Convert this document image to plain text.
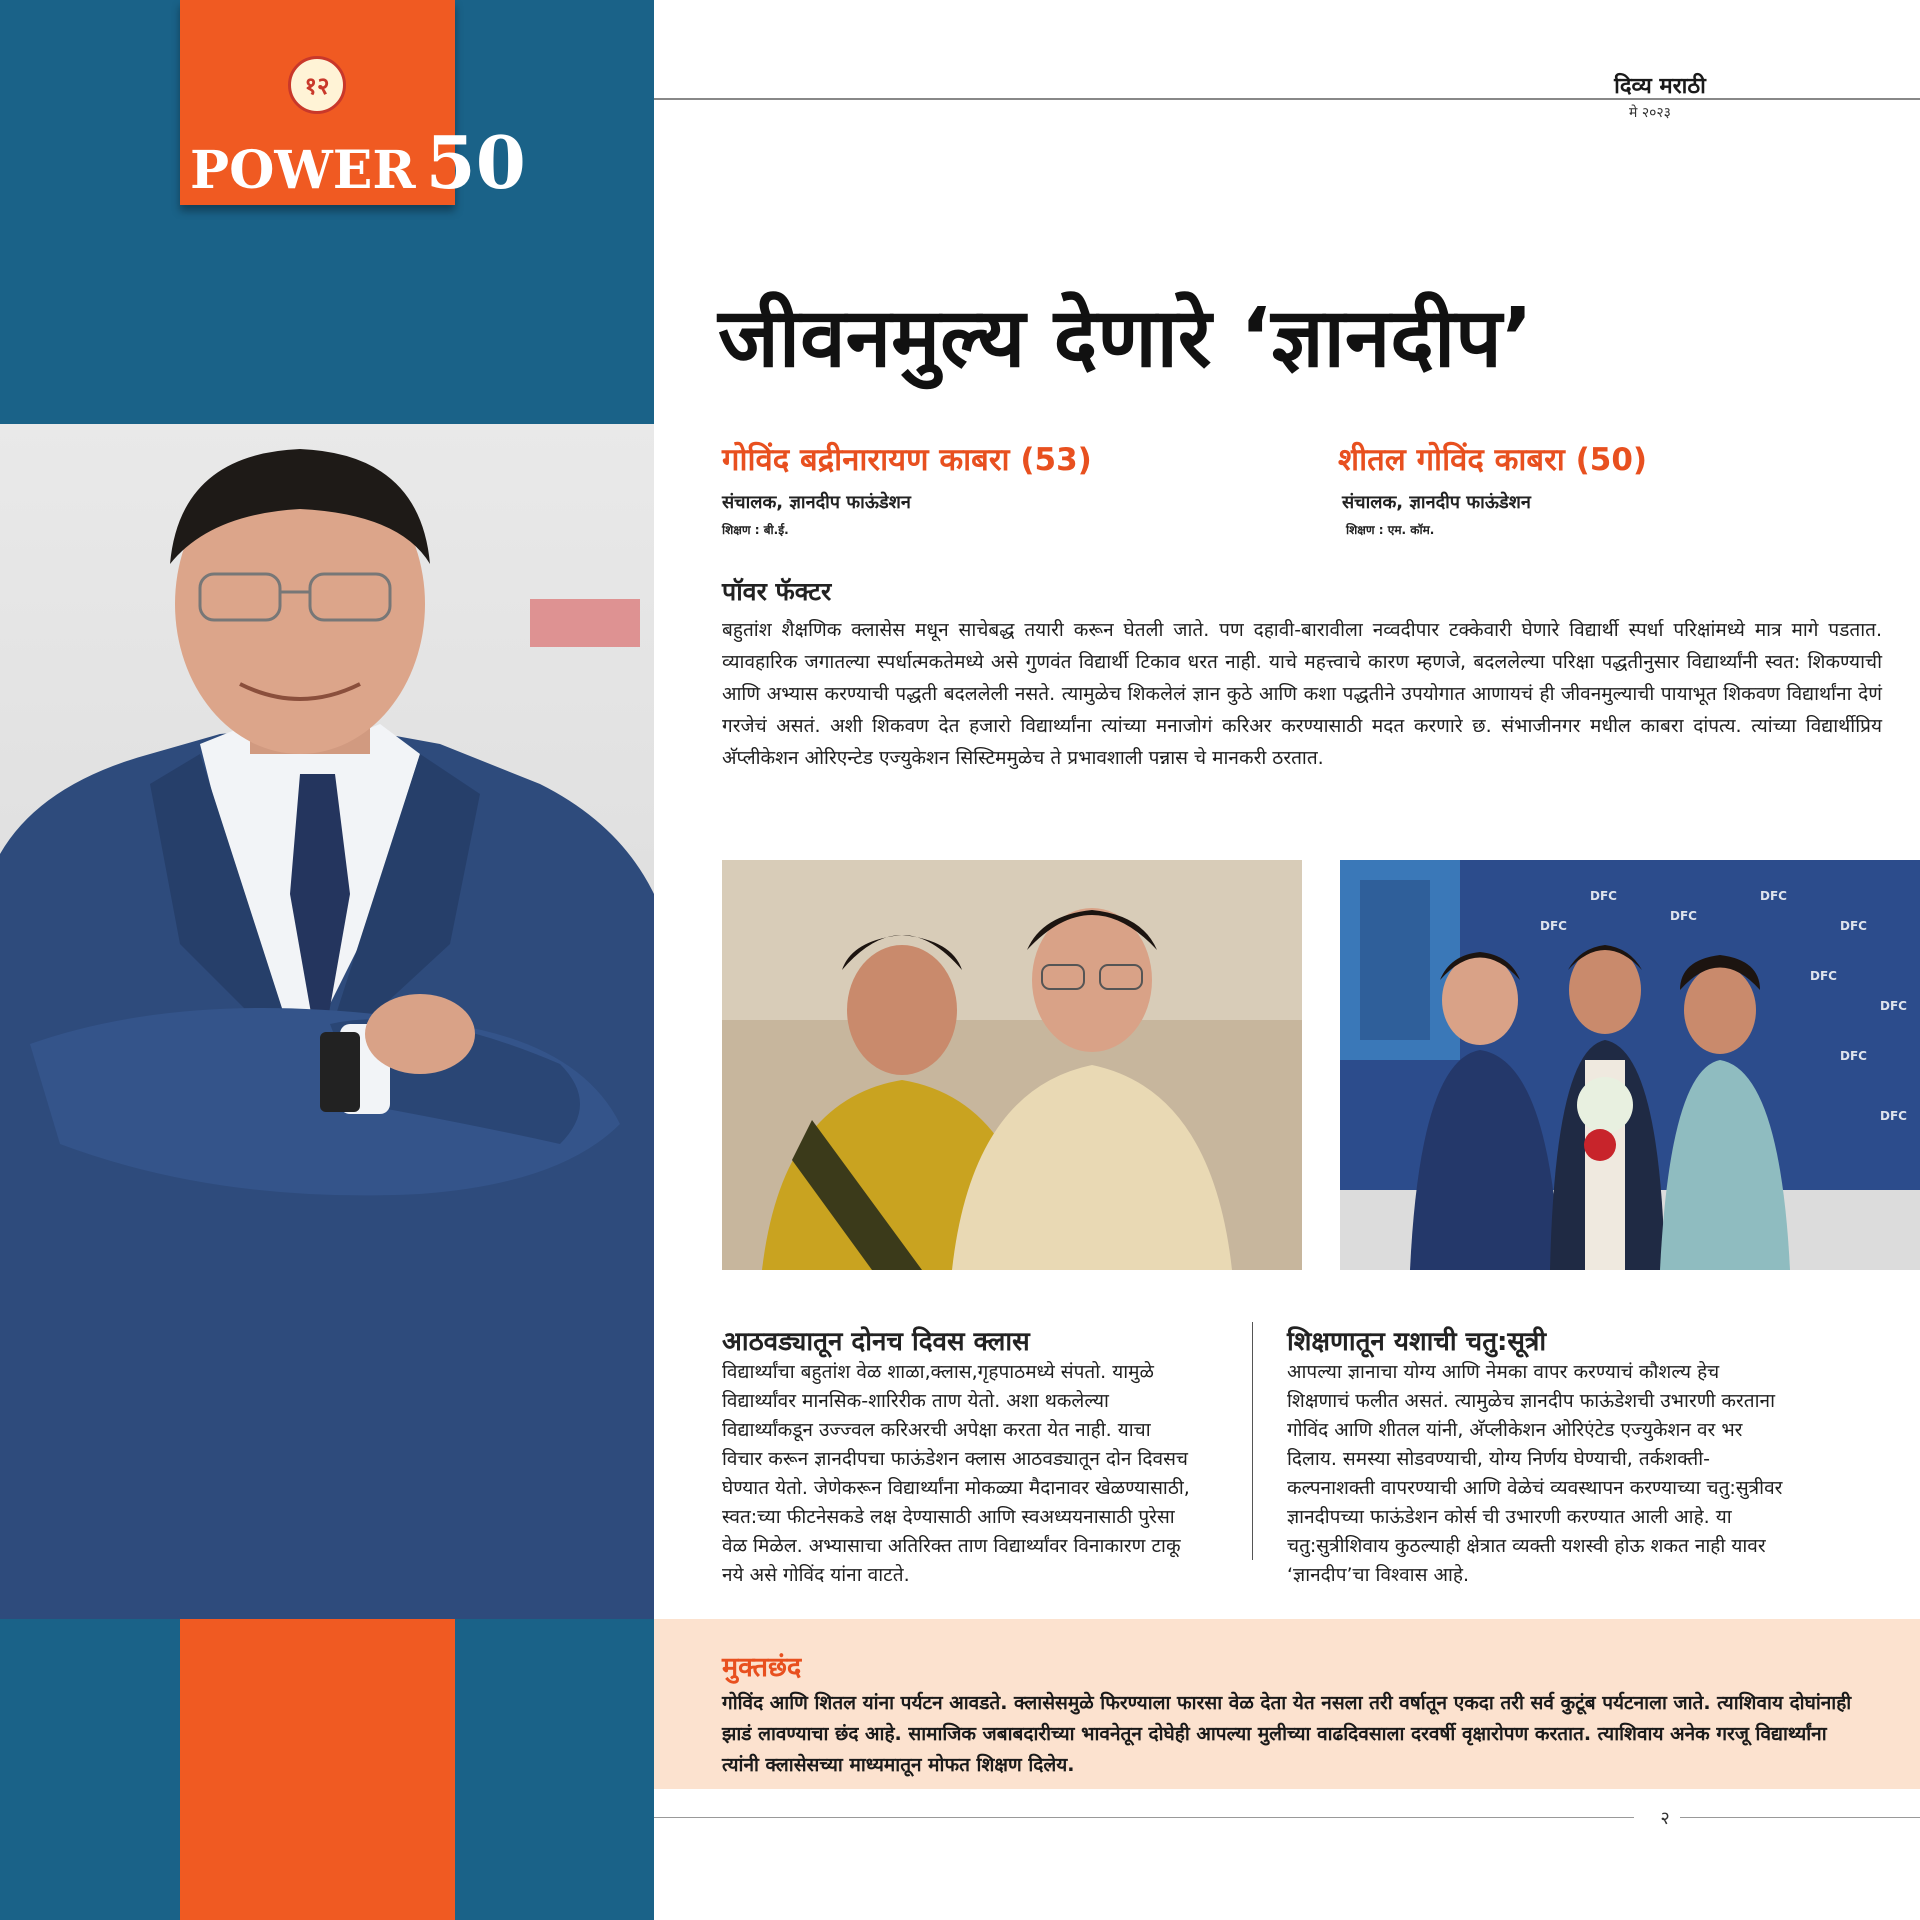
१२
POWER 50
दिव्य मराठी
मे २०२३
जीवनमुल्य देणारे ‘ज्ञानदीप’
गोविंद बद्रीनारायण काबरा (53)
संचालक, ज्ञानदीप फाऊंडेशन
शिक्षण : बी.ई.
शीतल गोविंद काबरा (50)
संचालक, ज्ञानदीप फाऊंडेशन
शिक्षण : एम. कॉम.
पॉवर फॅक्टर

बहुतांश शैक्षणिक क्लासेस मधून साचेबद्ध तयारी करून घेतली जाते. पण दहावी-बारावीला नव्वदीपार टक्केवारी घेणारे विद्यार्थी स्पर्धा परिक्षांमध्ये मात्र मागे पडतात. व्यावहारिक जगातल्या स्पर्धात्मकतेमध्ये असे गुणवंत विद्यार्थी टिकाव धरत नाही. याचे महत्त्वाचे कारण म्हणजे, बदललेल्या परिक्षा पद्धतीनुसार विद्यार्थ्यांनी स्वत: शिकण्याची आणि अभ्यास करण्याची पद्धती बदललेली नसते. त्यामुळेच शिकलेलं ज्ञान कुठे आणि कशा पद्धतीने उपयोगात आणायचं ही जीवनमुल्याची पायाभूत शिकवण विद्यार्थांना देणं गरजेचं असतं. अशी शिकवण देत हजारो विद्यार्थ्यांना त्यांच्या मनाजोगं करिअर करण्यासाठी मदत करणारे छ. संभाजीनगर मधील काबरा दांपत्य. त्यांच्या विद्यार्थीप्रिय अ‍ॅप्लीकेशन ओरिएन्टेड एज्युकेशन सिस्टिममुळेच ते प्रभावशाली पन्नास चे मानकरी ठरतात.

DFC
DFC
DFC
DFC
DFC
DFC
DFC
DFC
DFC
आठवड्यातून दोनच दिवस क्लास

विद्यार्थ्यांचा बहुतांश वेळ शाळा,क्लास,गृहपाठमध्ये संपतो. यामुळे विद्यार्थ्यांवर मानसिक-शारिरीक ताण येतो. अशा थकलेल्या विद्यार्थ्यांकडून उज्ज्वल करिअरची अपेक्षा करता येत नाही. याचा विचार करून ज्ञानदीपचा फाऊंडेशन क्लास आठवड्यातून दोन दिवसच घेण्यात येतो. जेणेकरून विद्यार्थ्यांना मोकळ्या मैदानावर खेळण्यासाठी, स्वत:च्या फीटनेसकडे लक्ष देण्यासाठी आणि स्वअध्ययनासाठी पुरेसा वेळ मिळेल. अभ्यासाचा अतिरिक्त ताण विद्यार्थ्यांवर विनाकारण टाकू नये असे गोविंद यांना वाटते.

शिक्षणातून यशाची चतु:सूत्री

आपल्या ज्ञानाचा योग्य आणि नेमका वापर करण्याचं कौशल्य हेच शिक्षणाचं फलीत असतं. त्यामुळेच ज्ञानदीप फाऊंडेशची उभारणी करताना गोविंद आणि शीतल यांनी, अ‍ॅप्लीकेशन ओरिएंटेड एज्युकेशन वर भर दिलाय. समस्या सोडवण्याची, योग्य निर्णय घेण्याची, तर्कशक्ती-कल्पनाशक्ती वापरण्याची आणि वेळेचं व्यवस्थापन करण्याच्या चतु:सुत्रीवर ज्ञानदीपच्या फाऊंडेशन कोर्स ची उभारणी करण्यात आली आहे. या चतु:सुत्रीशिवाय कुठल्याही क्षेत्रात व्यक्ती यशस्वी होऊ शकत नाही यावर ‘ज्ञानदीप’चा विश्वास आहे.

मुक्तछंद

गोविंद आणि शितल यांना पर्यटन आवडते. क्लासेसमुळे फिरण्याला फारसा वेळ देता येत नसला तरी वर्षातून एकदा तरी सर्व कुटूंब पर्यटनाला जाते. त्याशिवाय दोघांनाही झाडं लावण्याचा छंद आहे. सामाजिक जबाबदारीच्या भावनेतून दोघेही आपल्या मुलीच्या वाढदिवसाला दरवर्षी वृक्षारोपण करतात. त्याशिवाय अनेक गरजू विद्यार्थ्यांना त्यांनी क्लासेसच्या माध्यमातून मोफत शिक्षण दिलेय.

२
